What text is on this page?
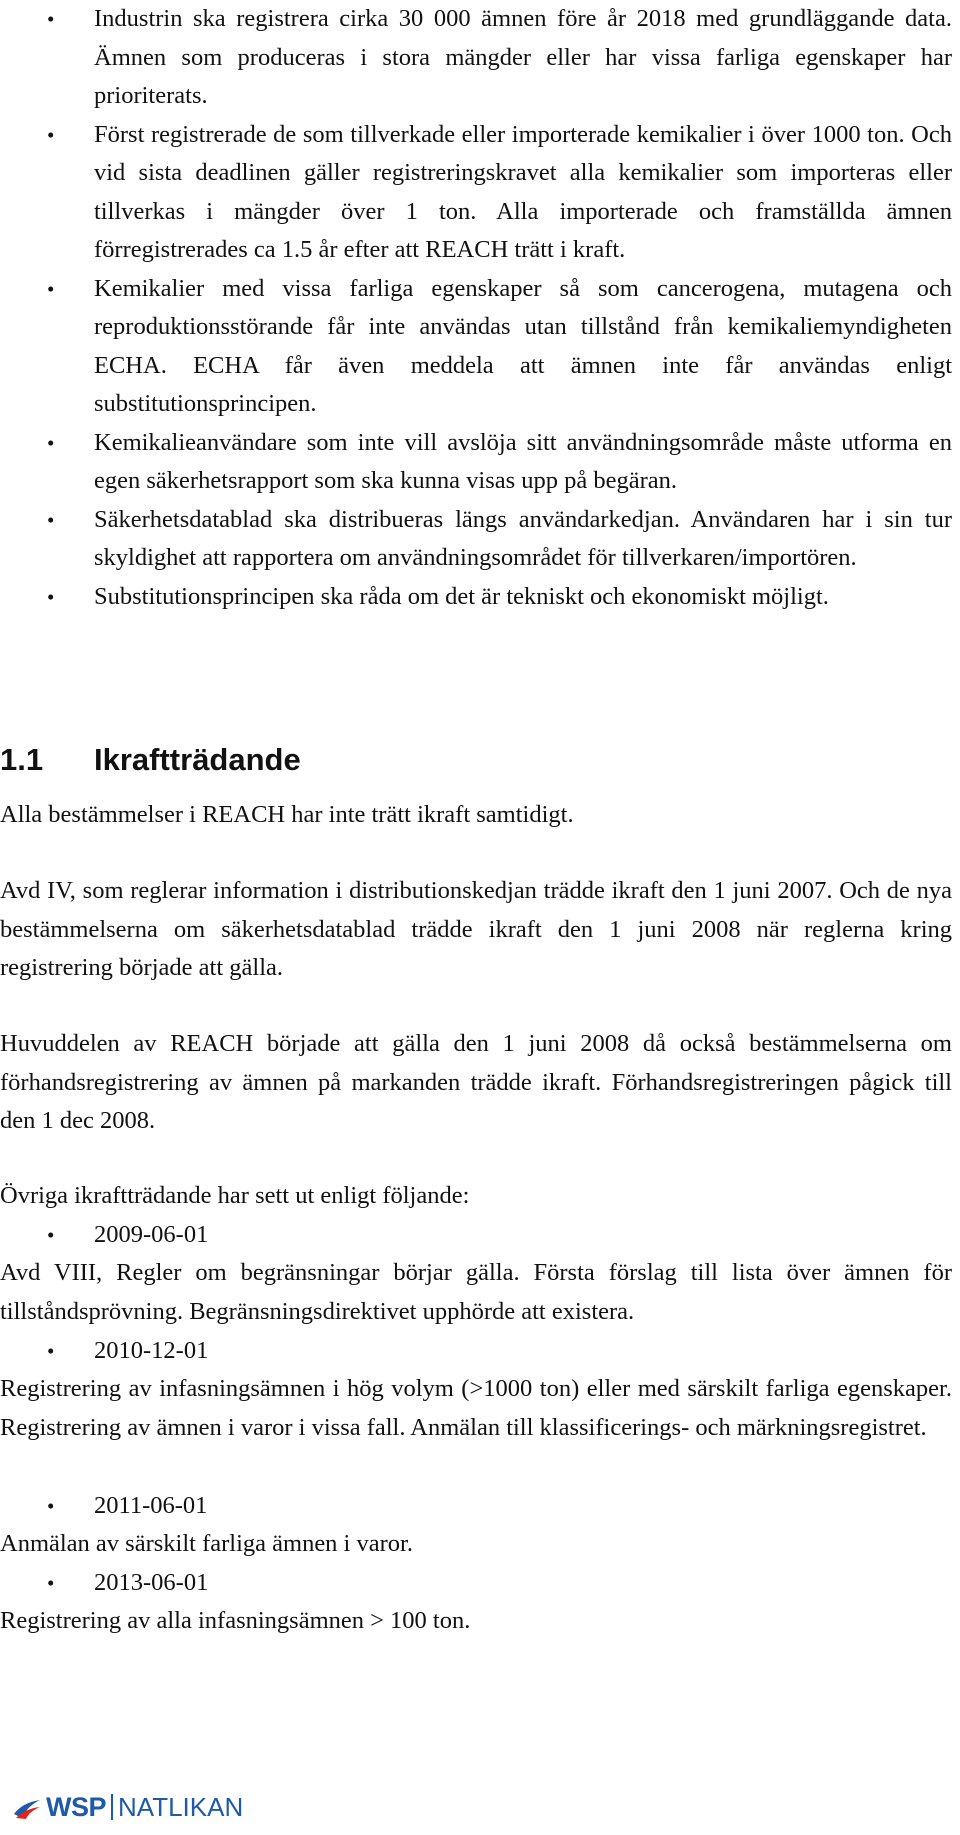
•	Industrin ska registrera cirka 30 000 ämnen före år 2018 med grundläggande data. Ämnen som produceras i stora mängder eller har vissa farliga egenskaper har prioriterats.
•	Först registrerade de som tillverkade eller importerade kemikalier i över 1000 ton. Och vid sista deadlinen gäller registreringskravet alla kemikalier som importeras eller tillverkas i mängder över 1 ton. Alla importerade och framställda ämnen förregistrerades ca 1.5 år efter att REACH trätt i kraft.
•	Kemikalier med vissa farliga egenskaper så som cancerogena, mutagena och reproduktionsstörande får inte användas utan tillstånd från kemikaliemyndigheten ECHA. ECHA får även meddela att ämnen inte får användas enligt substitutionsprincipen.
•	Kemikalieanvändare som inte vill avslöja sitt användningsområde måste utforma en egen säkerhetsrapport som ska kunna visas upp på begäran.
•	Säkerhetsdatablad ska distribueras längs användarkedjan. Användaren har i sin tur skyldighet att rapportera om användningsområdet för tillverkaren/importören.
•	Substitutionsprincipen ska råda om det är tekniskt och ekonomiskt möjligt.
1.1 Ikraftträdande

Alla bestämmelser i REACH har inte trätt ikraft samtidigt.

Avd IV, som reglerar information i distributionskedjan trädde ikraft den 1 juni 2007. Och de nya bestämmelserna om säkerhetsdatablad trädde ikraft den 1 juni 2008 när reglerna kring registrering började att gälla.

Huvuddelen av REACH började att gälla den 1 juni 2008 då också bestämmelserna om förhandsregistrering av ämnen på markanden trädde ikraft. Förhandsregistreringen pågick till den 1 dec 2008.

Övriga ikraftträdande har sett ut enligt följande:

• 2009-06-01

Avd VIII, Regler om begränsningar börjar gälla. Första förslag till lista över ämnen för tillståndsprövning. Begränsningsdirektivet upphörde att existera.

• 2010-12-01

Registrering av infasningsämnen i hög volym (>1000 ton) eller med särskilt farliga egenskaper. Registrering av ämnen i varor i vissa fall. Anmälan till klassificerings- och märkningsregistret.

• 2011-06-01

Anmälan av särskilt farliga ämnen i varor.

• 2013-06-01

Registrering av alla infasningsämnen > 100 ton.

WSP NATLIKAN
